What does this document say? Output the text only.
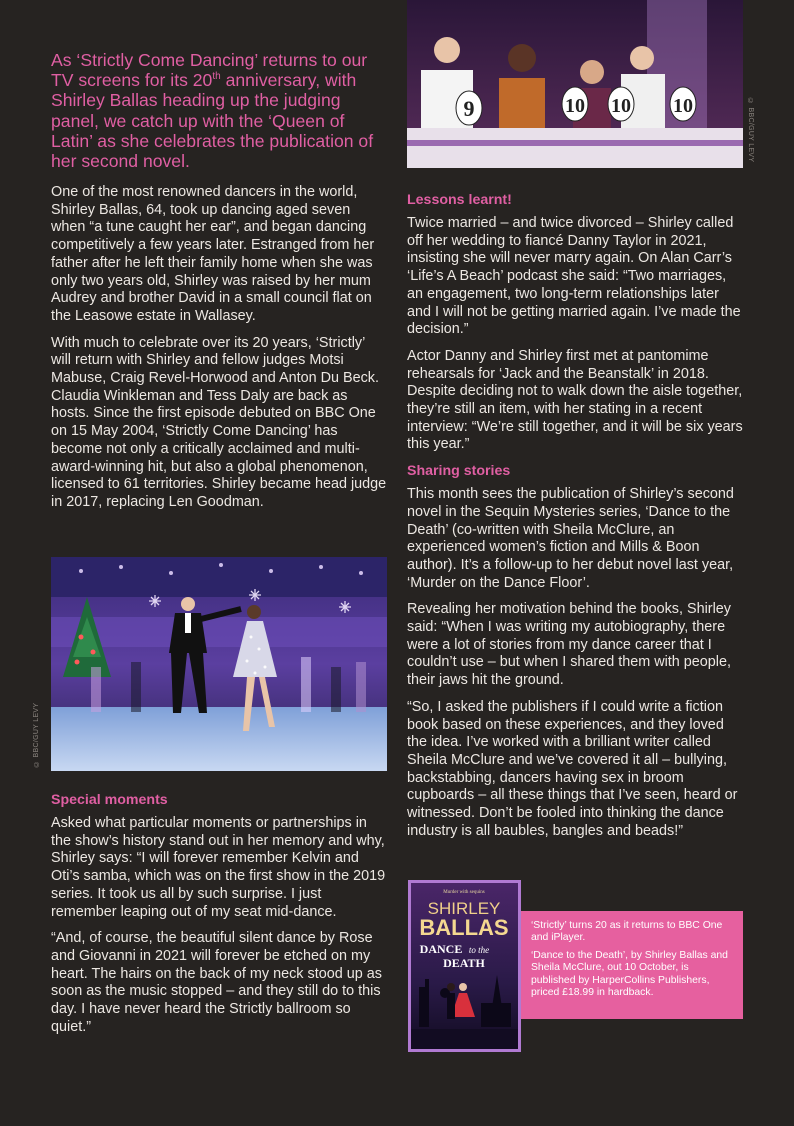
As ‘Strictly Come Dancing’ returns to our TV screens for its 20th anniversary, with Shirley Ballas heading up the judging panel, we catch up with the ‘Queen of Latin’ as she celebrates the publication of her second novel.

One of the most renowned dancers in the world, Shirley Ballas, 64, took up dancing aged seven when “a tune caught her ear”, and began dancing competitively a few years later. Estranged from her father after he left their family home when she was only two years old, Shirley was raised by her mum Audrey and brother David in a small council flat on the Leasowe estate in Wallasey.

With much to celebrate over its 20 years, ‘Strictly’ will return with Shirley and fellow judges Motsi Mabuse, Craig Revel-Horwood and Anton Du Beck. Claudia Winkleman and Tess Daly are back as hosts. Since the first episode debuted on BBC One on 15 May 2004, ‘Strictly Come Dancing’ has become not only a critically acclaimed and multi-award-winning hit, but also a global phenomenon, licensed to 61 territories. Shirley became head judge in 2017, replacing Len Goodman.

© BBC/GUY LEVY
Special moments

Asked what particular moments or partnerships in the show’s history stand out in her memory and why, Shirley says: “I will forever remember Kelvin and Oti’s samba, which was on the first show in the 2019 series. It took us all by such surprise. I just remember leaping out of my seat mid-dance.

“And, of course, the beautiful silent dance by Rose and Giovanni in 2021 will forever be etched on my heart. The hairs on the back of my neck stood up as soon as the music stopped – and they still do to this day. I have never heard the Strictly ballroom so quiet.”

9	10 10 10	© BBC/GUY LEVY
Lessons learnt!

Twice married – and twice divorced – Shirley called off her wedding to fiancé Danny Taylor in 2021, insisting she will never marry again. On Alan Carr’s ‘Life’s A Beach’ podcast she said: “Two marriages, an engagement, two long-term relationships later and I will not be getting married again. I’ve made the decision.”

Actor Danny and Shirley first met at pantomime rehearsals for ‘Jack and the Beanstalk’ in 2018. Despite deciding not to walk down the aisle together, they’re still an item, with her stating in a recent interview: “We’re still together, and it will be six years this year.”

Sharing stories

This month sees the publication of Shirley’s second novel in the Sequin Mysteries series, ‘Dance to the Death’ (co-written with Sheila McClure, an experienced women’s fiction and Mills & Boon author). It’s a follow-up to her debut novel last year, ‘Murder on the Dance Floor’.

Revealing her motivation behind the books, Shirley said: “When I was writing my autobiography, there were a lot of stories from my dance career that I couldn’t use – but when I shared them with people, their jaws hit the ground.

“So, I asked the publishers if I could write a fiction book based on these experiences, and they loved the idea. I’ve worked with a brilliant writer called Sheila McClure and we’ve covered it all – bullying, backstabbing, dancers having sex in broom cupboards – all these things that I’ve seen, heard or witnessed. Don’t be fooled into thinking the dance industry is all baubles, bangles and beads!”

Murder with sequins
SHIRLEY
BALLAS
DANCE to the
DEATH

‘Strictly’ turns 20 as it returns to BBC One and iPlayer.

‘Dance to the Death’, by Shirley Ballas and Sheila McClure, out 10 October, is published by HarperCollins Publishers, priced £18.99 in hardback.
